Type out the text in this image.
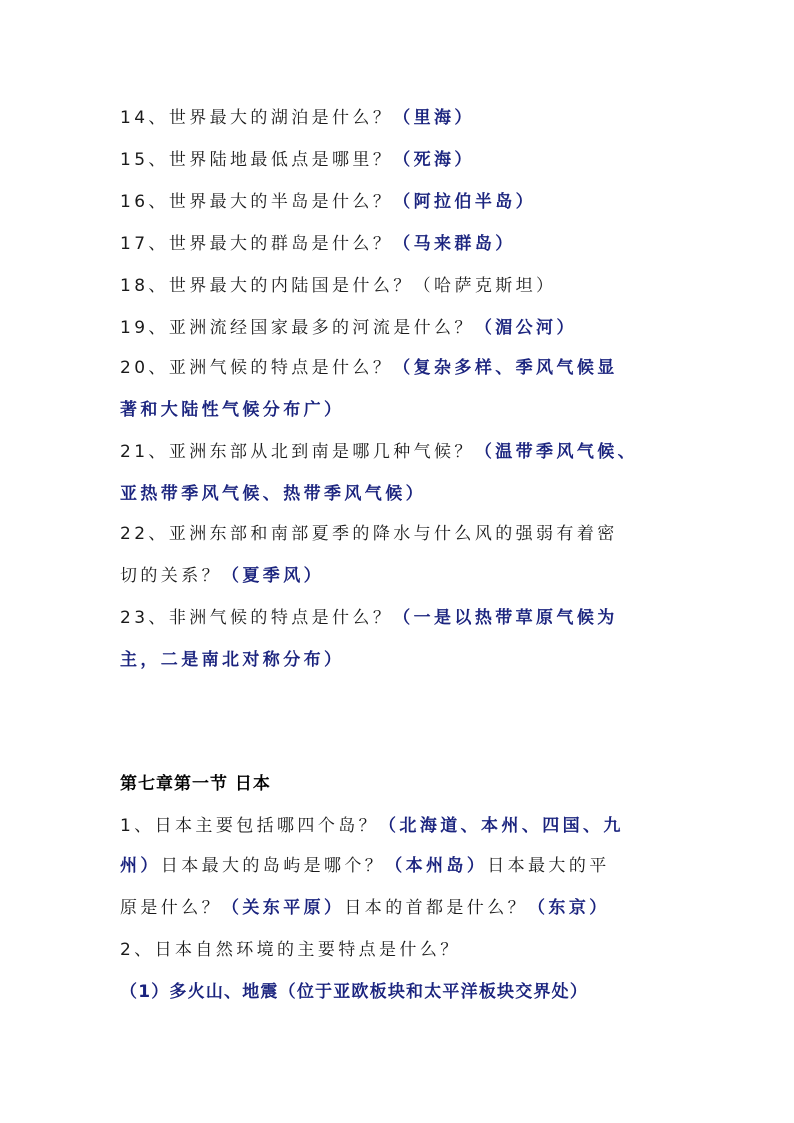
14、世界最大的湖泊是什么？（里海）
15、世界陆地最低点是哪里？（死海）
16、世界最大的半岛是什么？（阿拉伯半岛）
17、世界最大的群岛是什么？（马来群岛）
18、世界最大的内陆国是什么？（哈萨克斯坦）
19、亚洲流经国家最多的河流是什么？（湄公河）
20、亚洲气候的特点是什么？（复杂多样、季风气候显
著和大陆性气候分布广）
21、亚洲东部从北到南是哪几种气候？（温带季风气候、
亚热带季风气候、热带季风气候）
22、亚洲东部和南部夏季的降水与什么风的强弱有着密
切的关系？（夏季风）
23、非洲气候的特点是什么？（一是以热带草原气候为
主，二是南北对称分布）
第七章第一节 日本
1、日本主要包括哪四个岛？（北海道、本州、四国、九
州）日本最大的岛屿是哪个？（本州岛）日本最大的平
原是什么？（关东平原）日本的首都是什么？（东京）
2、日本自然环境的主要特点是什么？
（1）多火山、地震（位于亚欧板块和太平洋板块交界处）
